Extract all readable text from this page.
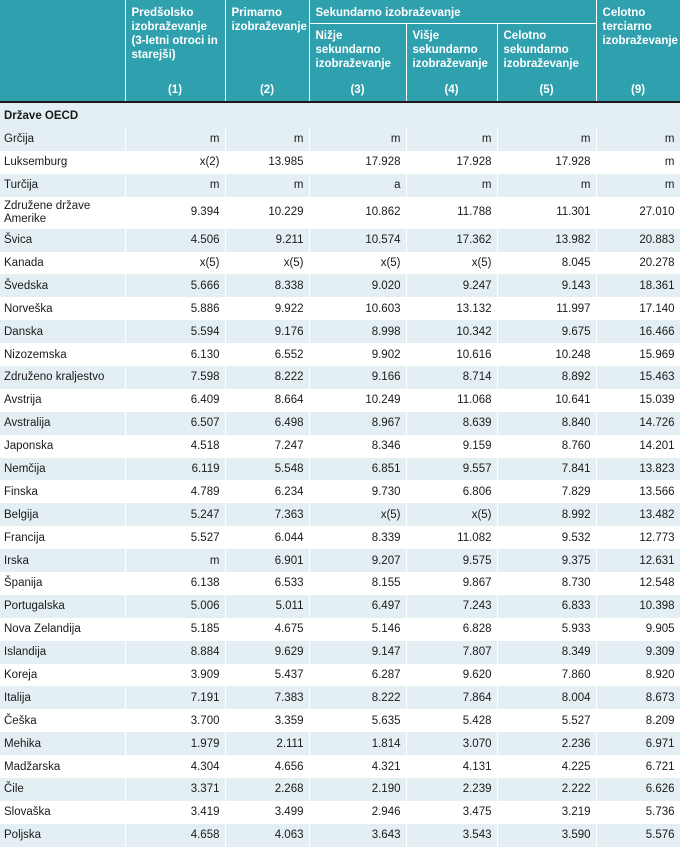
	Predšolsko izobraževanje (3-letni otroci in starejši)	Primarno izobraževanje	Sekundarno izobraževanje			Celotno terciarno izobraževanje
			Nižje sekundarno izobraževanje	Višje sekundarno izobraževanje	Celotno sekundarno izobraževanje	
	(1)	(2)	(3)	(4)	(5)	(9)
Države OECD						
Grčija	m	m	m	m	m	m
Luksemburg	x(2)	13.985	17.928	17.928	17.928	m
Turčija	m	m	a	m	m	m
Združene države Amerike	9.394	10.229	10.862	11.788	11.301	27.010
Švica	4.506	9.211	10.574	17.362	13.982	20.883
Kanada	x(5)	x(5)	x(5)	x(5)	8.045	20.278
Švedska	5.666	8.338	9.020	9.247	9.143	18.361
Norveška	5.886	9.922	10.603	13.132	11.997	17.140
Danska	5.594	9.176	8.998	10.342	9.675	16.466
Nizozemska	6.130	6.552	9.902	10.616	10.248	15.969
Združeno kraljestvo	7.598	8.222	9.166	8.714	8.892	15.463
Avstrija	6.409	8.664	10.249	11.068	10.641	15.039
Avstralija	6.507	6.498	8.967	8.639	8.840	14.726
Japonska	4.518	7.247	8.346	9.159	8.760	14.201
Nemčija	6.119	5.548	6.851	9.557	7.841	13.823
Finska	4.789	6.234	9.730	6.806	7.829	13.566
Belgija	5.247	7.363	x(5)	x(5)	8.992	13.482
Francija	5.527	6.044	8.339	11.082	9.532	12.773
Irska	m	6.901	9.207	9.575	9.375	12.631
Španija	6.138	6.533	8.155	9.867	8.730	12.548
Portugalska	5.006	5.011	6.497	7.243	6.833	10.398
Nova Zelandija	5.185	4.675	5.146	6.828	5.933	9.905
Islandija	8.884	9.629	9.147	7.807	8.349	9.309
Koreja	3.909	5.437	6.287	9.620	7.860	8.920
Italija	7.191	7.383	8.222	7.864	8.004	8.673
Češka	3.700	3.359	5.635	5.428	5.527	8.209
Mehika	1.979	2.111	1.814	3.070	2.236	6.971
Madžarska	4.304	4.656	4.321	4.131	4.225	6.721
Čile	3.371	2.268	2.190	2.239	2.222	6.626
Slovaška	3.419	3.499	2.946	3.475	3.219	5.736
Poljska	4.658	4.063	3.643	3.543	3.590	5.576
